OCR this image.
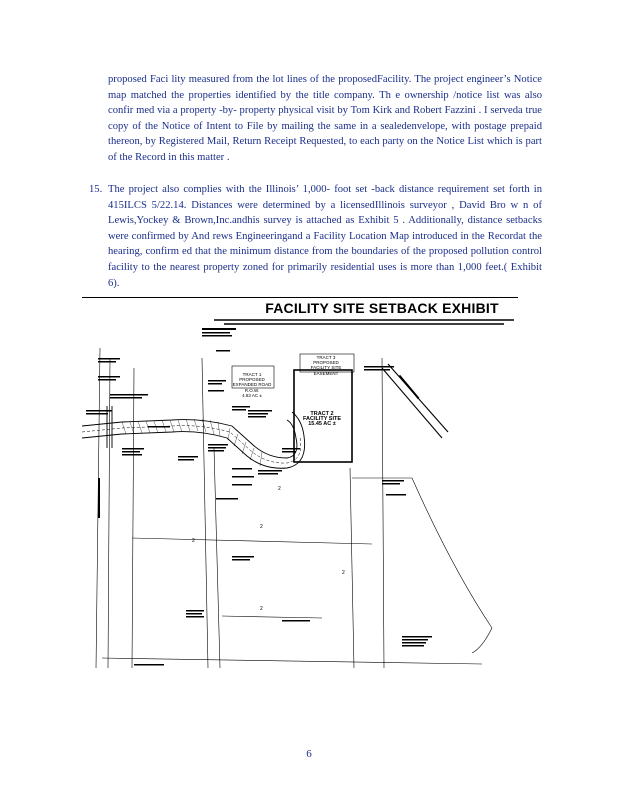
proposed Faci lity measured from the lot lines of the proposedFacility. The project engineer’s Notice map matched the properties identified by the title company. Th e ownership /notice list was also confir med via a property -by- property physical visit by Tom Kirk and Robert Fazzini . I serveda true copy of the Notice of Intent to File by mailing the same in a sealedenvelope, with postage prepaid thereon, by Registered Mail, Return Receipt Requested, to each party on the Notice List which is part of the Record in this matter .

15. The project also complies with the Illinois’ 1,000- foot set -back distance requirement set forth in 415ILCS 5/22.14. Distances were determined by a licensedIllinois surveyor , David Bro w n of Lewis,Yockey & Brown,Inc.andhis survey is attached as Exhibit 5 . Additionally, distance setbacks were confirmed by And rews Engineeringand a Facility Location Map introduced in the Recordat the hearing, confirm ed that the minimum distance from the boundaries of the proposed pollution control facility to the nearest property zoned for primarily residential uses is more than 1,000 feet.( Exhibit 6).

2
2
2
2
2
FACILITY SITE SETBACK EXHIBIT
TRACT 1
PROPOSED
EXPANDED ROAD R.O.W.
4.83 AC ±
TRACT 2
FACILITY SITE
15.45 AC ±
TRACT 3
PROPOSED
FACILITY SITE EASEMENT
6
